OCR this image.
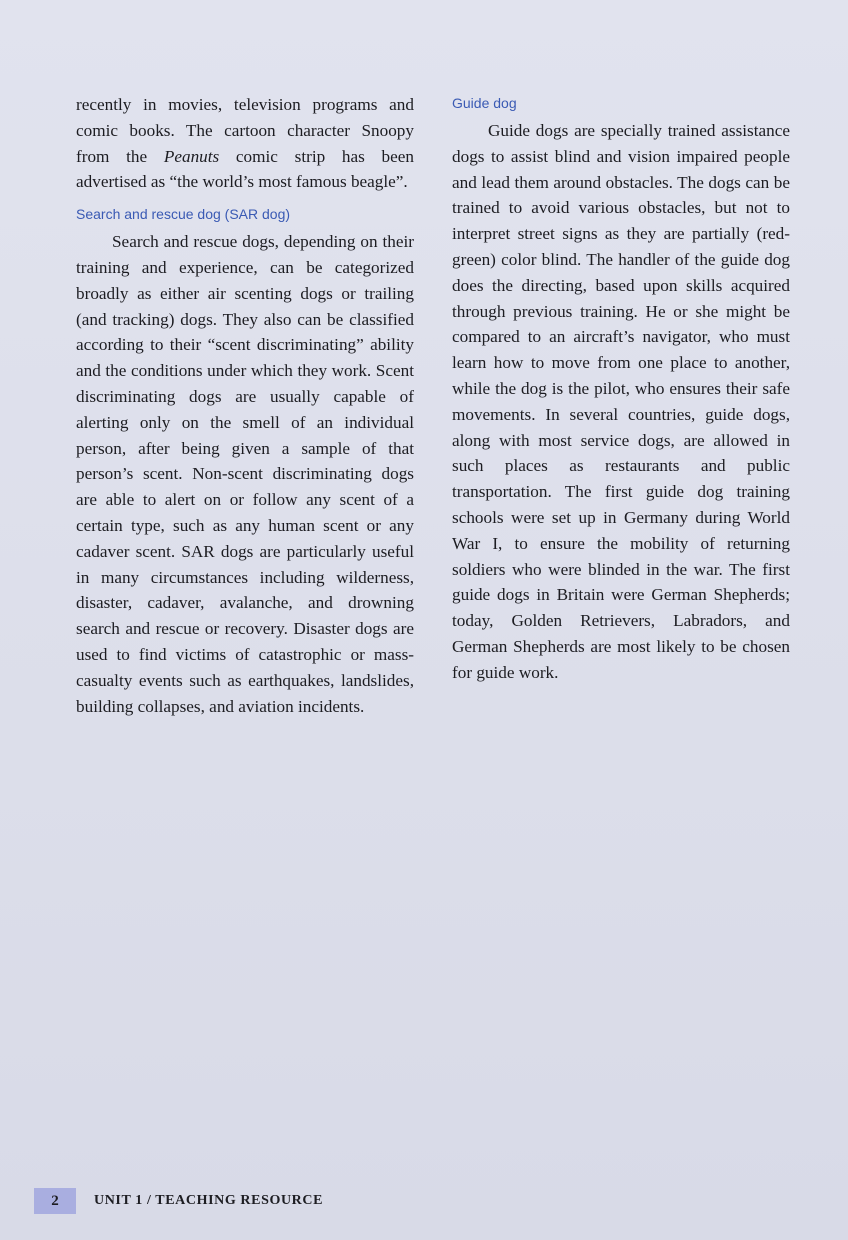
recently in movies, television programs and comic books. The cartoon character Snoopy from the Peanuts comic strip has been advertised as “the world’s most famous beagle”.

Search and rescue dog (SAR dog)

Search and rescue dogs, depending on their training and experience, can be categorized broadly as either air scenting dogs or trailing (and tracking) dogs. They also can be classified according to their “scent discriminating” ability and the conditions under which they work. Scent discriminating dogs are usually capable of alerting only on the smell of an individual person, after being given a sample of that person’s scent. Non-scent discriminating dogs are able to alert on or follow any scent of a certain type, such as any human scent or any cadaver scent. SAR dogs are particularly useful in many circumstances including wilderness, disaster, cadaver, avalanche, and drowning search and rescue or recovery. Disaster dogs are used to find victims of catastrophic or mass-casualty events such as earthquakes, landslides, building collapses, and aviation incidents.

Guide dog

Guide dogs are specially trained assistance dogs to assist blind and vision impaired people and lead them around obstacles. The dogs can be trained to avoid various obstacles, but not to interpret street signs as they are partially (red-green) color blind. The handler of the guide dog does the directing, based upon skills acquired through previous training. He or she might be compared to an aircraft’s navigator, who must learn how to move from one place to another, while the dog is the pilot, who ensures their safe movements. In several countries, guide dogs, along with most service dogs, are allowed in such places as restaurants and public transportation. The first guide dog training schools were set up in Germany during World War I, to ensure the mobility of returning soldiers who were blinded in the war. The first guide dogs in Britain were German Shepherds; today, Golden Retrievers, Labradors, and German Shepherds are most likely to be chosen for guide work.

2	UNIT 1 / TEACHING RESOURCE
